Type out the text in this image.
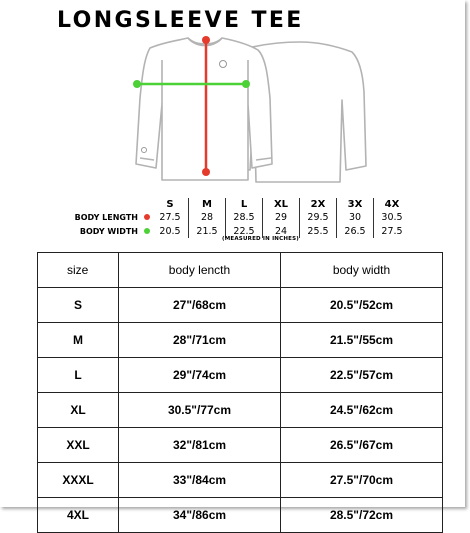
LONGSLEEVE TEE
	S	M	L	XL	2X	3X	4X
BODY LENGTH	27.5	28	28.5	29	29.5	30	30.5
BODY WIDTH	20.5	21.5	22.5	24	25.5	26.5	27.5
(MEASURED IN INCHES)
size	body lencth	body width
S	27"/68cm	20.5"/52cm
M	28"/71cm	21.5"/55cm
L	29"/74cm	22.5"/57cm
XL	30.5"/77cm	24.5"/62cm
XXL	32"/81cm	26.5"/67cm
XXXL	33"/84cm	27.5"/70cm
4XL	34"/86cm	28.5"/72cm
